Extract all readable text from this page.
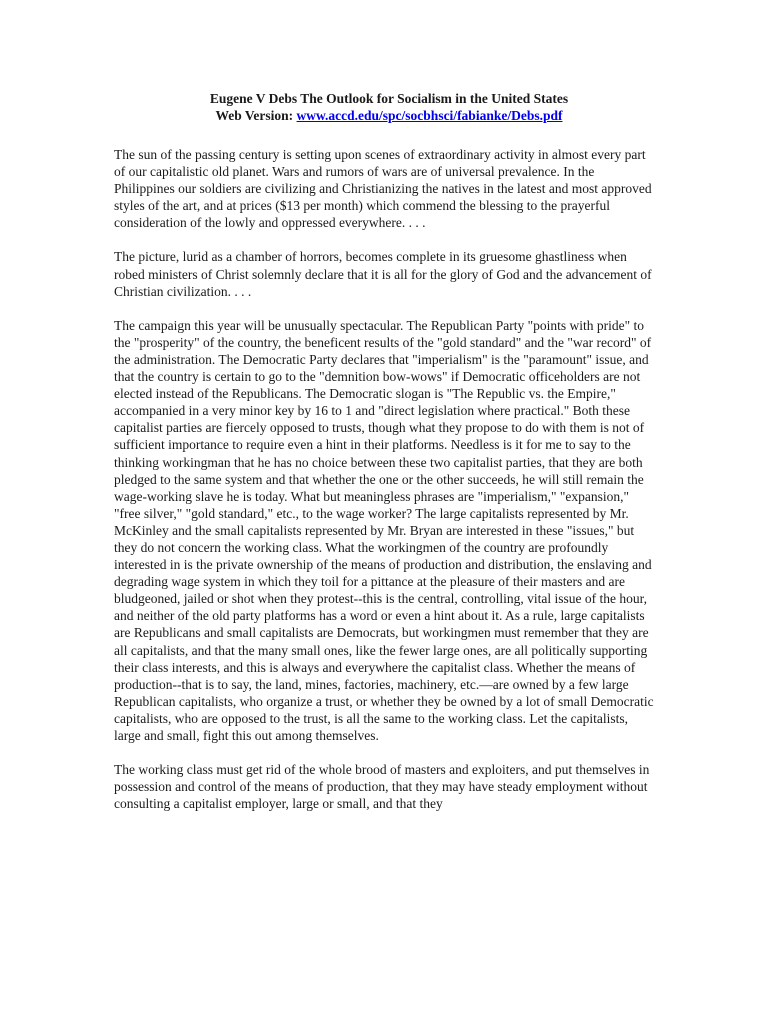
Eugene V Debs The Outlook for Socialism in the United States
Web Version: www.accd.edu/spc/socbhsci/fabianke/Debs.pdf

The sun of the passing century is setting upon scenes of extraordinary activity in almost every part of our capitalistic old planet. Wars and rumors of wars are of universal prevalence. In the Philippines our soldiers are civilizing and Christianizing the natives in the latest and most approved styles of the art, and at prices ($13 per month) which commend the blessing to the prayerful consideration of the lowly and oppressed everywhere. . . .

The picture, lurid as a chamber of horrors, becomes complete in its gruesome ghastliness when robed ministers of Christ solemnly declare that it is all for the glory of God and the advancement of Christian civilization. . . .

The campaign this year will be unusually spectacular. The Republican Party "points with pride" to the "prosperity" of the country, the beneficent results of the "gold standard" and the "war record" of the administration. The Democratic Party declares that "imperialism" is the "paramount" issue, and that the country is certain to go to the "demnition bow-wows" if Democratic officeholders are not elected instead of the Republicans. The Democratic slogan is "The Republic vs. the Empire," accompanied in a very minor key by 16 to 1 and "direct legislation where practical." Both these capitalist parties are fiercely opposed to trusts, though what they propose to do with them is not of sufficient importance to require even a hint in their platforms. Needless is it for me to say to the thinking workingman that he has no choice between these two capitalist parties, that they are both pledged to the same system and that whether the one or the other succeeds, he will still remain the wage-working slave he is today. What but meaningless phrases are "imperialism," "expansion," "free silver," "gold standard," etc., to the wage worker? The large capitalists represented by Mr. McKinley and the small capitalists represented by Mr. Bryan are interested in these "issues," but they do not concern the working class. What the workingmen of the country are profoundly interested in is the private ownership of the means of production and distribution, the enslaving and degrading wage system in which they toil for a pittance at the pleasure of their masters and are bludgeoned, jailed or shot when they protest--this is the central, controlling, vital issue of the hour, and neither of the old party platforms has a word or even a hint about it. As a rule, large capitalists are Republicans and small capitalists are Democrats, but workingmen must remember that they are all capitalists, and that the many small ones, like the fewer large ones, are all politically supporting their class interests, and this is always and everywhere the capitalist class. Whether the means of production--that is to say, the land, mines, factories, machinery, etc.—are owned by a few large Republican capitalists, who organize a trust, or whether they be owned by a lot of small Democratic capitalists, who are opposed to the trust, is all the same to the working class. Let the capitalists, large and small, fight this out among themselves.

The working class must get rid of the whole brood of masters and exploiters, and put themselves in possession and control of the means of production, that they may have steady employment without consulting a capitalist employer, large or small, and that they
